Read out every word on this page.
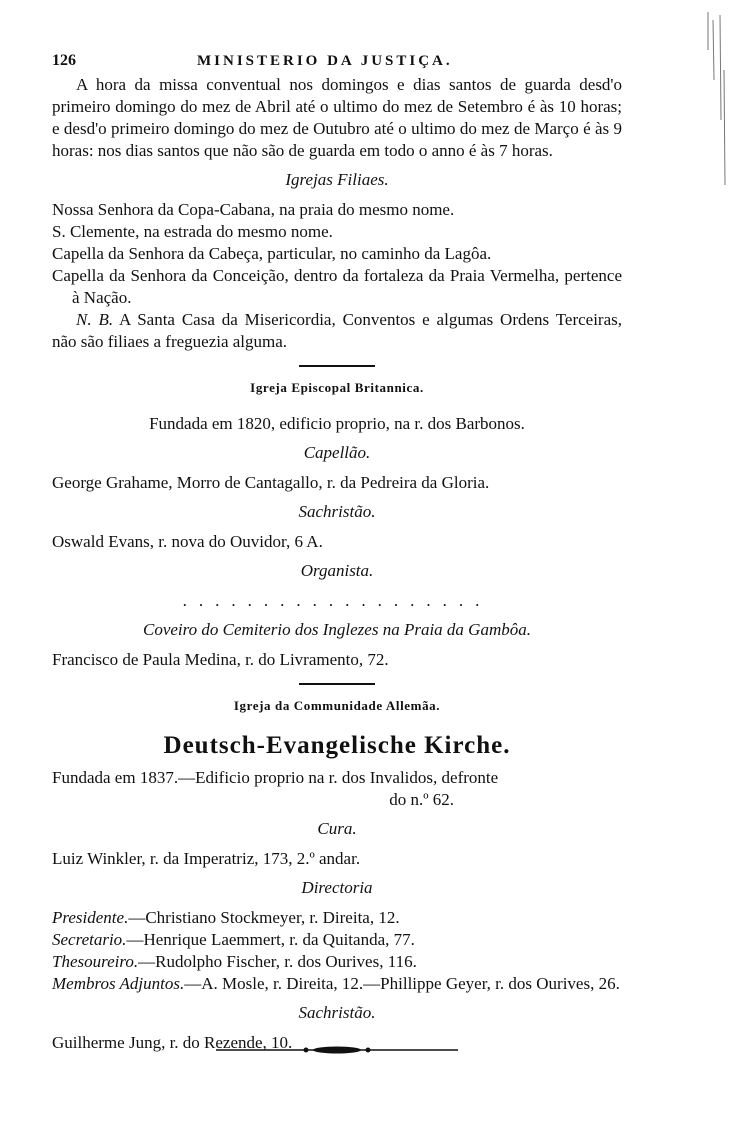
126	MINISTERIO DA JUSTIÇA.

A hora da missa conventual nos domingos e dias santos de guarda desd'o primeiro domingo do mez de Abril até o ultimo do mez de Setembro é às 10 horas; e desd'o primeiro domingo do mez de Outubro até o ultimo do mez de Março é às 9 horas: nos dias santos que não são de guarda em todo o anno é às 7 horas.

Igrejas Filiaes.

Nossa Senhora da Copa-Cabana, na praia do mesmo nome.

S. Clemente, na estrada do mesmo nome.

Capella da Senhora da Cabeça, particular, no caminho da Lagôa.

Capella da Senhora da Conceição, dentro da fortaleza da Praia Vermelha, pertence à Nação.

N. B. A Santa Casa da Misericordia, Conventos e algumas Ordens Terceiras, não são filiaes a freguezia alguma.

Igreja Episcopal Britannica.

Fundada em 1820, edificio proprio, na r. dos Barbonos.

Capellão.

George Grahame, Morro de Cantagallo, r. da Pedreira da Gloria.

Sachristão.

Oswald Evans, r. nova do Ouvidor, 6 A.

Organista.

...................

Coveiro do Cemiterio dos Inglezes na Praia da Gambôa.

Francisco de Paula Medina, r. do Livramento, 72.

Igreja da Communidade Allemãa.

Deutsch-Evangelische Kirche.

Fundada em 1837.—Edificio proprio na r. dos Invalidos, defronte

do n.º 62.

Cura.

Luiz Winkler, r. da Imperatriz, 173, 2.º andar.

Directoria

Presidente.—Christiano Stockmeyer, r. Direita, 12.

Secretario.—Henrique Laemmert, r. da Quitanda, 77.

Thesoureiro.—Rudolpho Fischer, r. dos Ourives, 116.

Membros Adjuntos.—A. Mosle, r. Direita, 12.—Phillippe Geyer, r. dos Ourives, 26.

Sachristão.

Guilherme Jung, r. do Rezende, 10.
